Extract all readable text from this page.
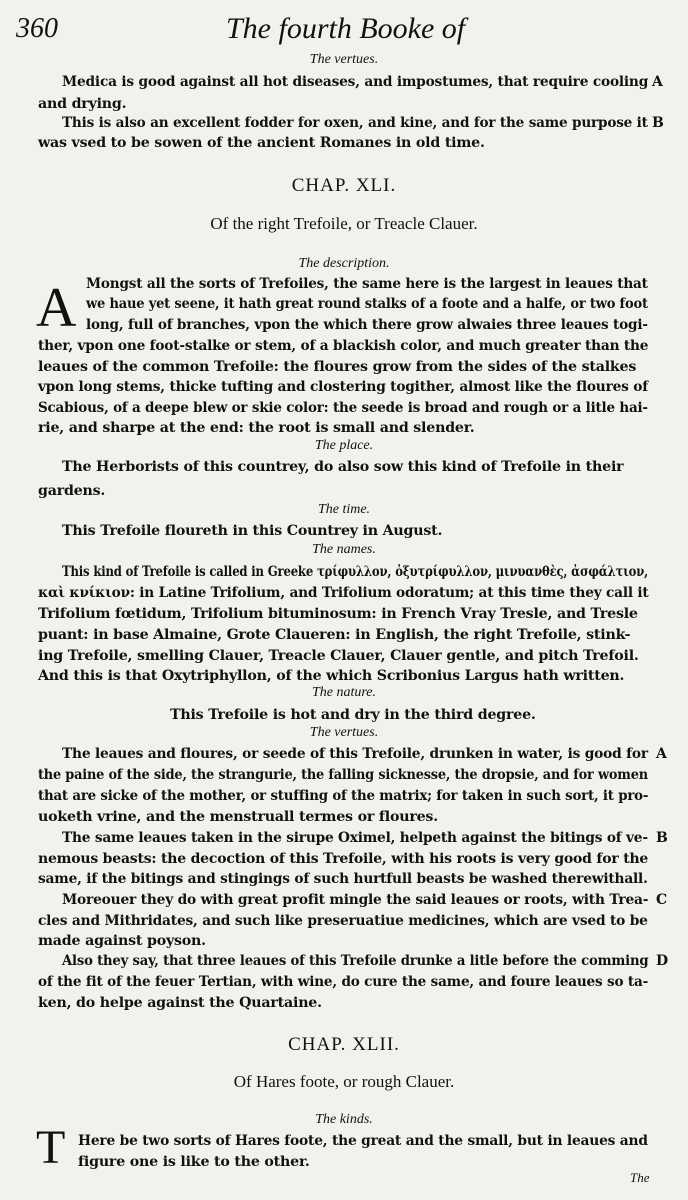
360	The fourth Booke of
The vertues.
Medica is good against all hot diseases, and impostumes, that require cooling
and drying.
This is also an excellent fodder for oxen, and kine, and for the same purpose it
was vsed to be sowen of the ancient Romanes in old time.
A
B
CHAP. XLI.
Of the right Trefoile, or Treacle Clauer.
The description.
A Mongst all the sorts of Trefoiles, the same here is the largest in leaues that
we haue yet seene, it hath great round stalks of a foote and a halfe, or two foot
long, full of branches, vpon the which there grow alwaies three leaues togi-
ther, vpon one foot-stalke or stem, of a blackish color, and much greater than the
leaues of the common Trefoile: the floures grow from the sides of the stalkes
vpon long stems, thicke tufting and clostering togither, almost like the floures of
Scabious, of a deepe blew or skie color: the seede is broad and rough or a litle hai-
rie, and sharpe at the end: the root is small and slender.
The place.
The Herborists of this countrey, do also sow this kind of Trefoile in their
gardens.
The time.
This Trefoile floureth in this Countrey in August.
The names.
This kind of Trefoile is called in Greeke τρίφυλλον, ὀξυτρίφυλλον, μινυανθὲς, ἀσφάλτιον,
καὶ κνίκιον: in Latine Trifolium, and Trifolium odoratum; at this time they call it
Trifolium fœtidum, Trifolium bituminosum: in French Vray Tresle, and Tresle
puant: in base Almaine, Grote Claueren: in English, the right Trefoile, stink-
ing Trefoile, smelling Clauer, Treacle Clauer, Clauer gentle, and pitch Trefoil.
And this is that Oxytriphyllon, of the which Scribonius Largus hath written.
The nature.
This Trefoile is hot and dry in the third degree.
The vertues.
The leaues and floures, or seede of this Trefoile, drunken in water, is good for
the paine of the side, the strangurie, the falling sicknesse, the dropsie, and for women
that are sicke of the mother, or stuffing of the matrix; for taken in such sort, it pro-
uoketh vrine, and the menstruall termes or floures.
The same leaues taken in the sirupe Oximel, helpeth against the bitings of ve-
nemous beasts: the decoction of this Trefoile, with his roots is very good for the
same, if the bitings and stingings of such hurtfull beasts be washed therewithall.
Moreouer they do with great profit mingle the said leaues or roots, with Trea-
cles and Mithridates, and such like preseruatiue medicines, which are vsed to be
made against poyson.
Also they say, that three leaues of this Trefoile drunke a litle before the comming
of the fit of the feuer Tertian, with wine, do cure the same, and foure leaues so ta-
ken, do helpe against the Quartaine.
A
B
C
D
CHAP. XLII.
Of Hares foote, or rough Clauer.
The kinds.
T Here be two sorts of Hares foote, the great and the small, but in leaues and
figure one is like to the other.
The
